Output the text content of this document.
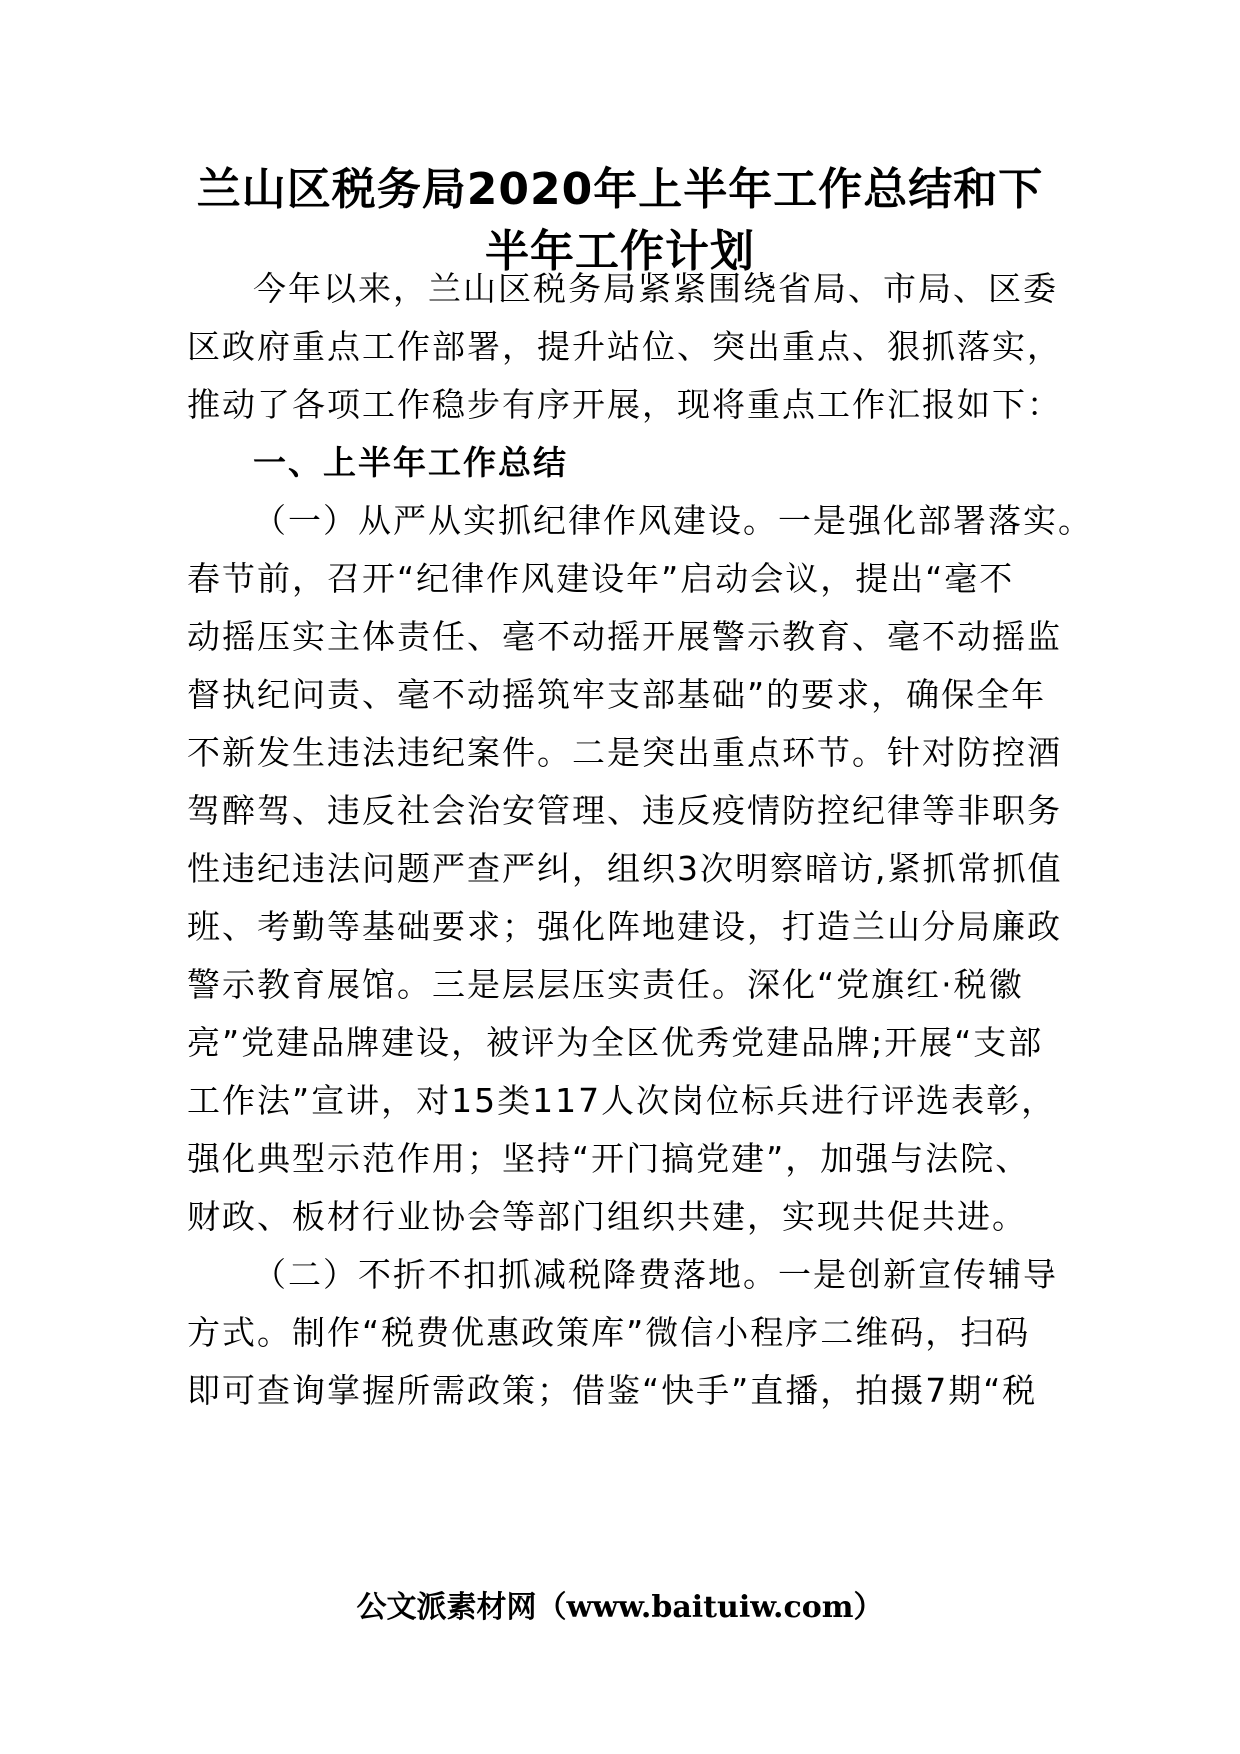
兰山区税务局2020年上半年工作总结和下
半年工作计划
今年以来，兰山区税务局紧紧围绕省局、市局、区委
区政府重点工作部署，提升站位、突出重点、狠抓落实，
推动了各项工作稳步有序开展，现将重点工作汇报如下：
一、上半年工作总结
（一）从严从实抓纪律作风建设。一是强化部署落实。
春节前，召开“纪律作风建设年”启动会议，提出“毫不
动摇压实主体责任、毫不动摇开展警示教育、毫不动摇监
督执纪问责、毫不动摇筑牢支部基础”的要求，确保全年
不新发生违法违纪案件。二是突出重点环节。针对防控酒
驾醉驾、违反社会治安管理、违反疫情防控纪律等非职务
性违纪违法问题严查严纠，组织3次明察暗访,紧抓常抓值
班、考勤等基础要求；强化阵地建设，打造兰山分局廉政
警示教育展馆。三是层层压实责任。深化“党旗红·税徽
亮”党建品牌建设，被评为全区优秀党建品牌;开展“支部
工作法”宣讲，对15类117人次岗位标兵进行评选表彰，
强化典型示范作用；坚持“开门搞党建”，加强与法院、
财政、板材行业协会等部门组织共建，实现共促共进。
（二）不折不扣抓减税降费落地。一是创新宣传辅导
方式。制作“税费优惠政策库”微信小程序二维码，扫码
即可查询掌握所需政策；借鉴“快手”直播，拍摄7期“税
公文派素材网（www.baituiw.com）
